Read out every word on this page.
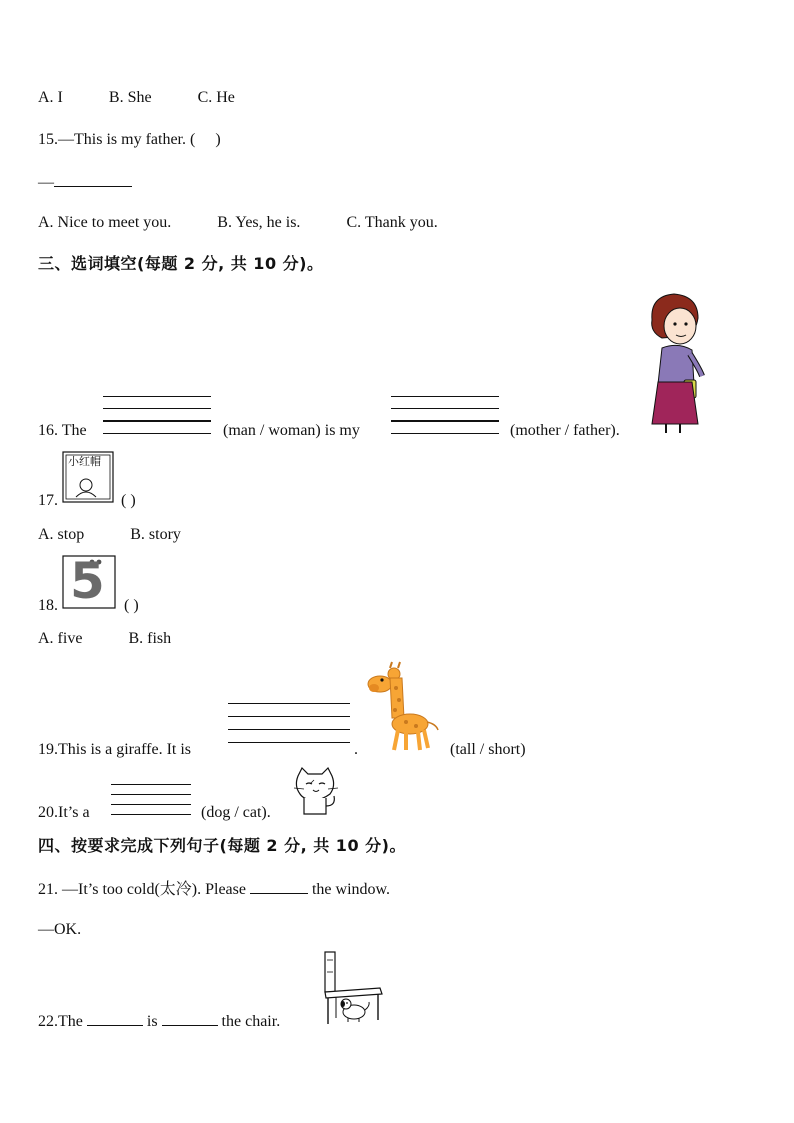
A. I	B. She	C. He
15.—This is my father. ( )
—
A. Nice to meet you.	B. Yes, he is.	C. Thank you.
三、选词填空(每题 2 分, 共 10 分)。
16. The	(man / woman) is my	(mother / father).
小红帽
17.	( )
A. stop	B. story
5
18.	( )
A. five	B. fish
19.This is a giraffe. It is	.	(tall / short)
20.It’s a	(dog / cat).
四、按要求完成下列句子(每题 2 分, 共 10 分)。
21. —It’s too cold(太冷). Please	the window.
—OK.
22.The	is	the chair.
